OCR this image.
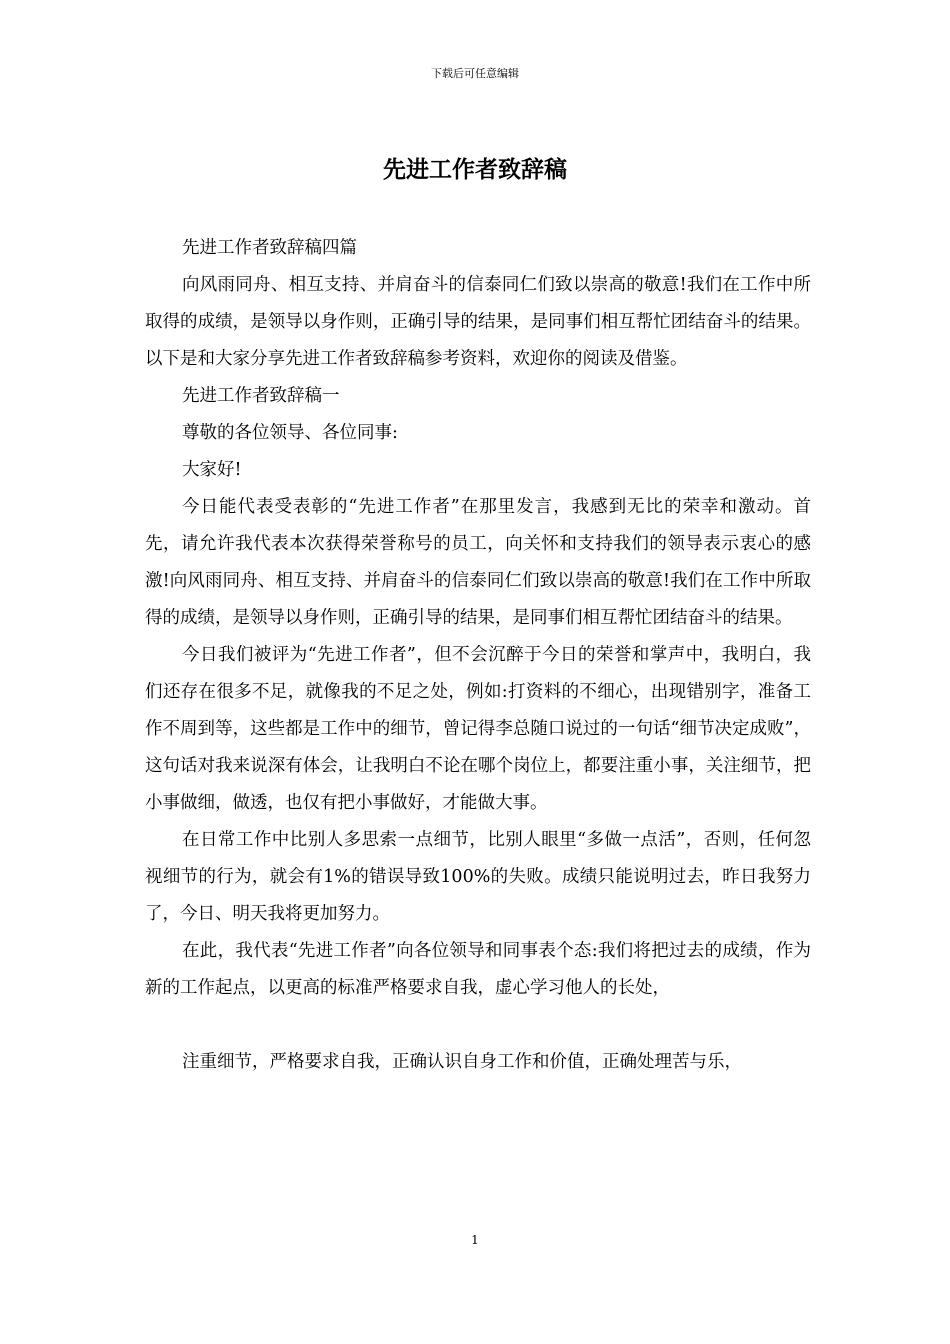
下载后可任意编辑
先进工作者致辞稿

先进工作者致辞稿四篇

向风雨同舟、相互支持、并肩奋斗的信泰同仁们致以崇高的敬意!我们在工作中所取得的成绩，是领导以身作则，正确引导的结果，是同事们相互帮忙团结奋斗的结果。以下是和大家分享先进工作者致辞稿参考资料，欢迎你的阅读及借鉴。

先进工作者致辞稿一

尊敬的各位领导、各位同事:

大家好!

今日能代表受表彰的“先进工作者”在那里发言，我感到无比的荣幸和激动。首先，请允许我代表本次获得荣誉称号的员工，向关怀和支持我们的领导表示衷心的感激!向风雨同舟、相互支持、并肩奋斗的信泰同仁们致以崇高的敬意!我们在工作中所取得的成绩，是领导以身作则，正确引导的结果，是同事们相互帮忙团结奋斗的结果。

今日我们被评为“先进工作者”，但不会沉醉于今日的荣誉和掌声中，我明白，我们还存在很多不足，就像我的不足之处，例如:打资料的不细心，出现错别字，准备工作不周到等，这些都是工作中的细节，曾记得李总随口说过的一句话“细节决定成败”，这句话对我来说深有体会，让我明白不论在哪个岗位上，都要注重小事，关注细节，把小事做细，做透，也仅有把小事做好，才能做大事。

在日常工作中比别人多思索一点细节，比别人眼里“多做一点活”，否则，任何忽视细节的行为，就会有1%的错误导致100%的失败。成绩只能说明过去，昨日我努力了，今日、明天我将更加努力。

在此，我代表“先进工作者”向各位领导和同事表个态:我们将把过去的成绩，作为新的工作起点，以更高的标准严格要求自我，虚心学习他人的长处，

注重细节，严格要求自我，正确认识自身工作和价值，正确处理苦与乐，

1
